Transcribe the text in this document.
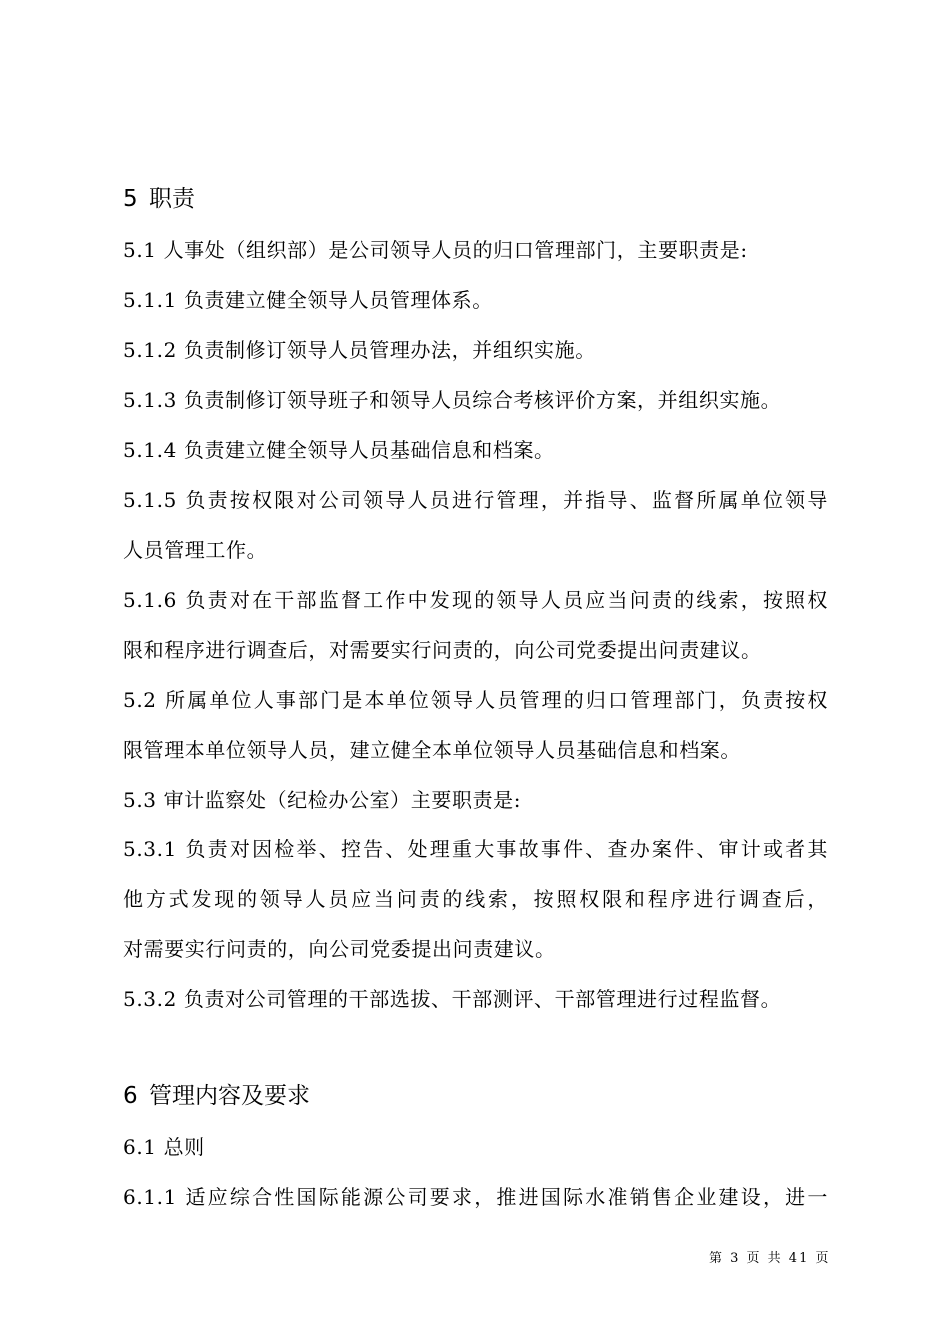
5 职责
5.1 人事处（组织部）是公司领导人员的归口管理部门，主要职责是:
5.1.1 负责建立健全领导人员管理体系。
5.1.2 负责制修订领导人员管理办法，并组织实施。
5.1.3 负责制修订领导班子和领导人员综合考核评价方案，并组织实施。
5.1.4 负责建立健全领导人员基础信息和档案。
5.1.5 负责按权限对公司领导人员进行管理，并指导、监督所属单位领导
人员管理工作。
5.1.6 负责对在干部监督工作中发现的领导人员应当问责的线索，按照权
限和程序进行调查后，对需要实行问责的，向公司党委提出问责建议。
5.2 所属单位人事部门是本单位领导人员管理的归口管理部门，负责按权
限管理本单位领导人员，建立健全本单位领导人员基础信息和档案。
5.3 审计监察处（纪检办公室）主要职责是:
5.3.1 负责对因检举、控告、处理重大事故事件、查办案件、审计或者其
他方式发现的领导人员应当问责的线索，按照权限和程序进行调查后，
对需要实行问责的，向公司党委提出问责建议。
5.3.2 负责对公司管理的干部选拔、干部测评、干部管理进行过程监督。
6 管理内容及要求
6.1 总则
6.1.1 适应综合性国际能源公司要求，推进国际水准销售企业建设，进一
第 3 页 共 41 页
